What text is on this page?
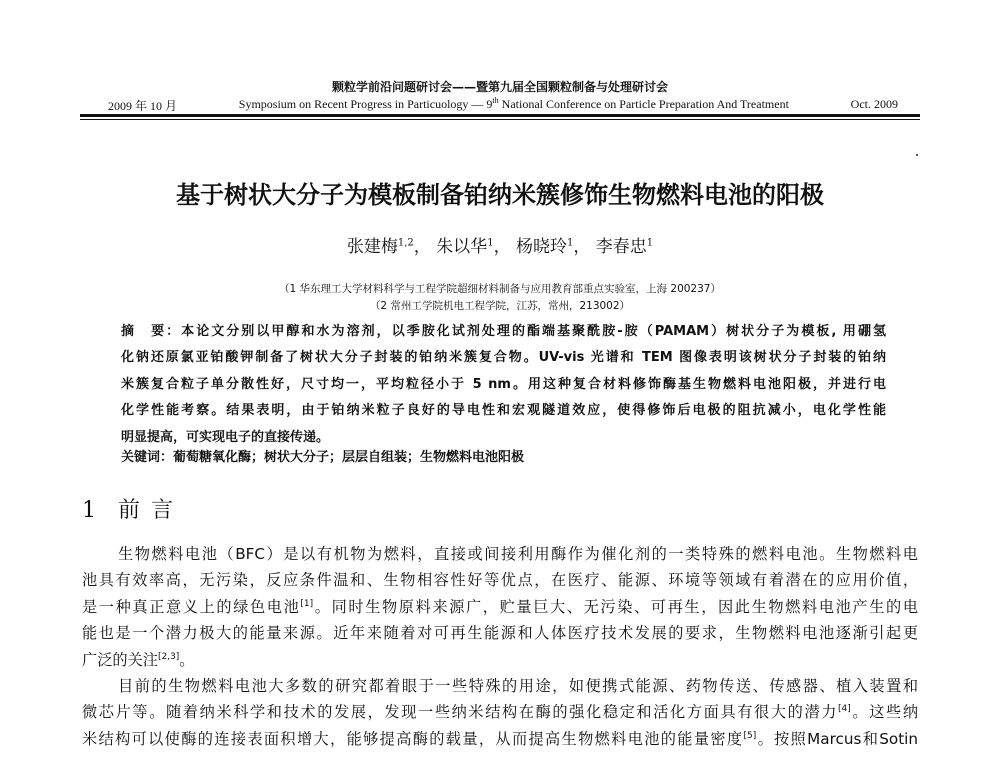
颗粒学前沿问题研讨会——暨第九届全国颗粒制备与处理研讨会
2009 年 10 月	Symposium on Recent Progress in Particuology — 9th National Conference on Particle Preparation And Treatment	Oct. 2009
基于树状大分子为模板制备铂纳米簇修饰生物燃料电池的阳极
张建梅$^{1,2}$， 朱以华$^1$， 杨晓玲$^1$， 李春忠$^1$
（1 华东理工大学材料科学与工程学院超细材料制备与应用教育部重点实验室，上海 200237）
（2 常州工学院机电工程学院，江苏，常州，213002）
摘　要：本论文分别以甲醇和水为溶剂，以季胺化试剂处理的酯端基聚酰胺-胺（PAMAM）树状分子为模板, 用硼氢
化钠还原氯亚铂酸钾制备了树状大分子封装的铂纳米簇复合物。UV-vis 光谱和 TEM 图像表明该树状分子封装的铂纳
米簇复合粒子单分散性好，尺寸均一，平均粒径小于 5 nm。用这种复合材料修饰酶基生物燃料电池阳极，并进行电
化学性能考察。结果表明，由于铂纳米粒子良好的导电性和宏观隧道效应，使得修饰后电极的阻抗减小，电化学性能
明显提高，可实现电子的直接传递。
关键词：葡萄糖氧化酶；树状大分子；层层自组装；生物燃料电池阳极
1 前 言
生物燃料电池（BFC）是以有机物为燃料，直接或间接利用酶作为催化剂的一类特殊的燃料电池。生物燃料电
池具有效率高，无污染，反应条件温和、生物相容性好等优点，在医疗、能源、环境等领域有着潜在的应用价值，
是一种真正意义上的绿色电池[1]。同时生物原料来源广，贮量巨大、无污染、可再生，因此生物燃料电池产生的电
能也是一个潜力极大的能量来源。近年来随着对可再生能源和人体医疗技术发展的要求，生物燃料电池逐渐引起更
广泛的关注[2,3]。
目前的生物燃料电池大多数的研究都着眼于一些特殊的用途，如便携式能源、药物传送、传感器、植入装置和
微芯片等。随着纳米科学和技术的发展，发现一些纳米结构在酶的强化稳定和活化方面具有很大的潜力[4]。这些纳
米结构可以使酶的连接表面积增大，能够提高酶的载量，从而提高生物燃料电池的能量密度[5]。按照Marcus和Sotin
